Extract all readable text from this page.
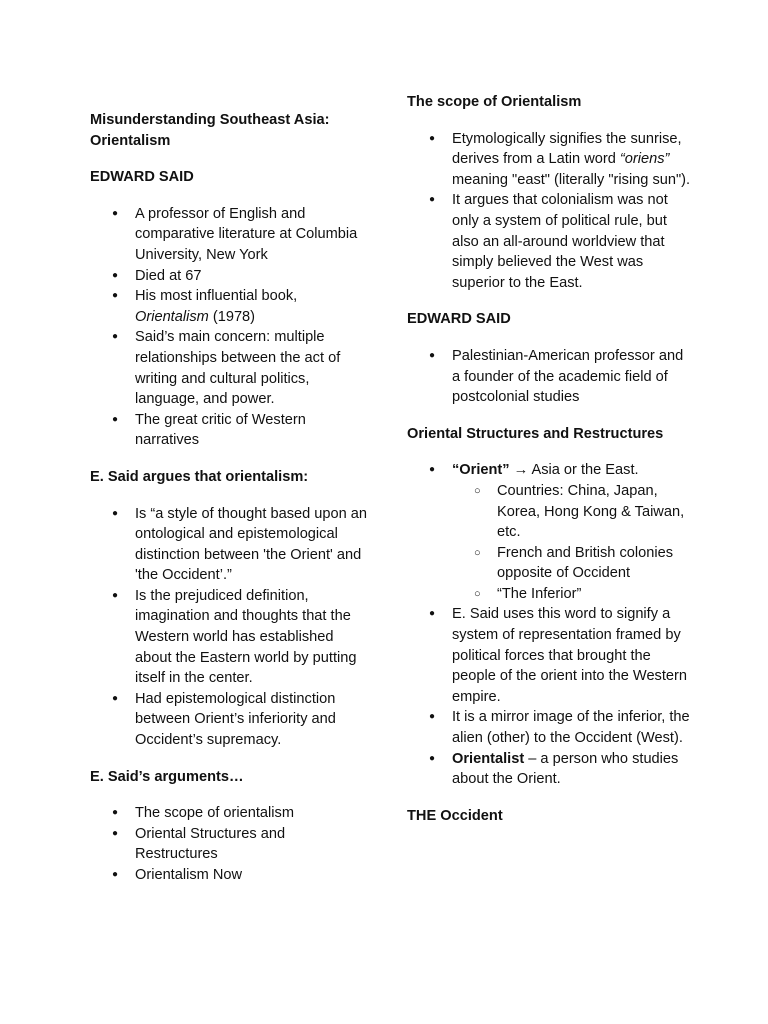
Misunderstanding Southeast Asia: Orientalism
EDWARD SAID
● A professor of English and comparative literature at Columbia University, New York
● Died at 67
● His most influential book,
Orientalism (1978)
● Said’s main concern: multiple relationships between the act of writing and cultural politics, language, and power.
● The great critic of Western narratives
E. Said argues that orientalism:
● Is “a style of thought based upon an ontological and epistemological distinction between 'the Orient' and 'the Occident’.”
● Is the prejudiced definition, imagination and thoughts that the Western world has established about the Eastern world by putting itself in the center.
● Had epistemological distinction between Orient’s inferiority and Occident’s supremacy.
E. Said’s arguments…
● The scope of orientalism
● Oriental Structures and Restructures
● Orientalism Now
The scope of Orientalism
● Etymologically signifies the sunrise, derives from a Latin word “oriens” meaning "east" (literally "rising sun").
● It argues that colonialism was not only a system of political rule, but also an all-around worldview that simply believed the West was superior to the East.
EDWARD SAID
● Palestinian-American professor and a founder of the academic field of postcolonial studies
Oriental Structures and Restructures
● “Orient” → Asia or the East.
○ Countries: China, Japan, Korea, Hong Kong & Taiwan, etc.
○ French and British colonies opposite of Occident
○ “The Inferior”
● E. Said uses this word to signify a system of representation framed by political forces that brought the people of the orient into the Western empire.
● It is a mirror image of the inferior, the alien (other) to the Occident (West).
● Orientalist – a person who studies about the Orient.
THE Occident
